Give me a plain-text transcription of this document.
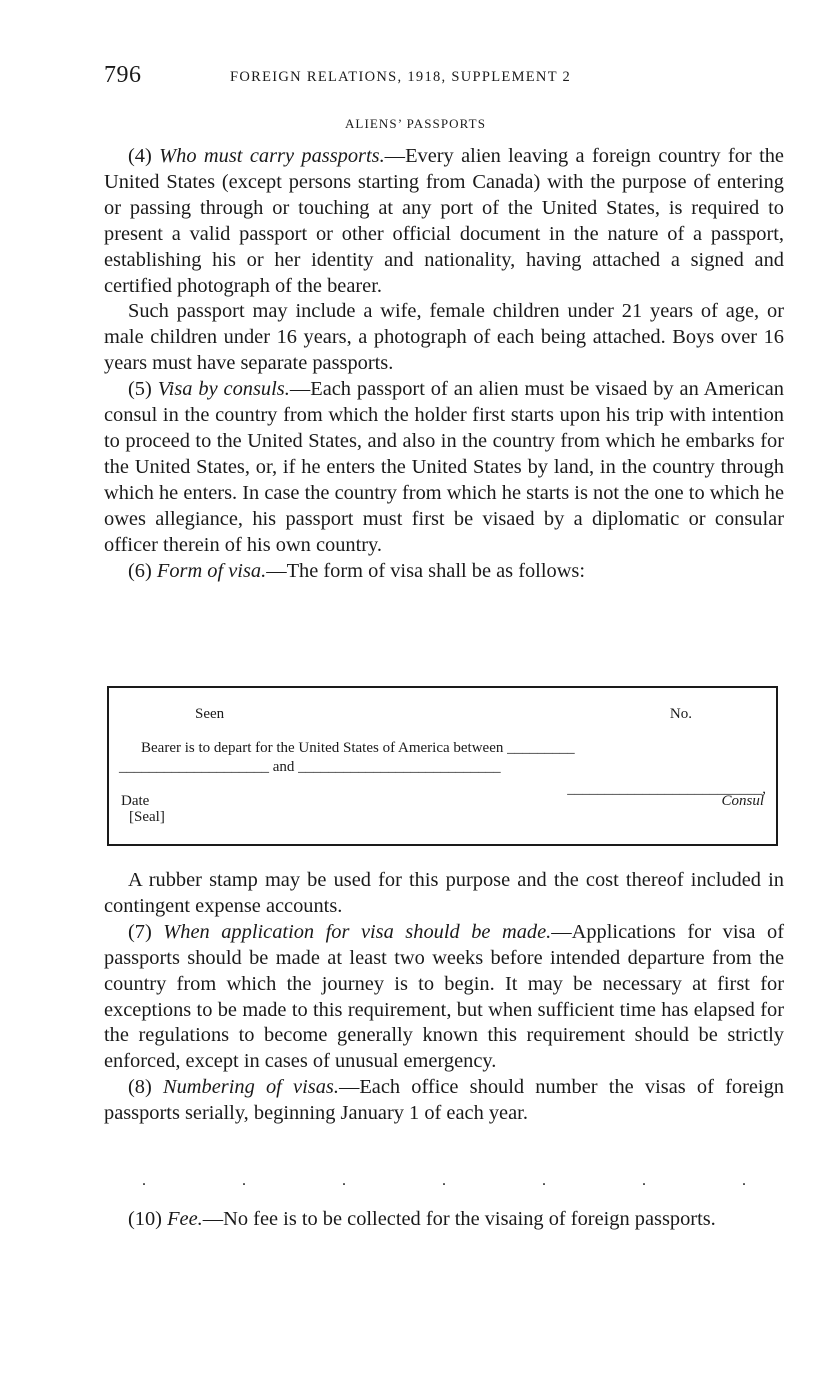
796	FOREIGN RELATIONS, 1918, SUPPLEMENT 2
ALIENS’ PASSPORTS

(4) Who must carry passports.—Every alien leaving a foreign country for the United States (except persons starting from Canada) with the purpose of entering or passing through or touching at any port of the United States, is required to present a valid passport or other official document in the nature of a passport, establishing his or her identity and nationality, having attached a signed and certified photograph of the bearer.

Such passport may include a wife, female children under 21 years of age, or male children under 16 years, a photograph of each being attached. Boys over 16 years must have separate passports.

(5) Visa by consuls.—Each passport of an alien must be visaed by an American consul in the country from which the holder first starts upon his trip with intention to proceed to the United States, and also in the country from which he embarks for the United States, or, if he enters the United States by land, in the country through which he enters. In case the country from which he starts is not the one to which he owes allegiance, his passport must first be visaed by a diplomatic or consular officer therein of his own country.

(6) Form of visa.—The form of visa shall be as follows:

Seen	No.
Bearer is to depart for the United States of America between _________
____________________ and ___________________________
__________________________,
Date	Consul
[Seal]

A rubber stamp may be used for this purpose and the cost thereof included in contingent expense accounts.

(7) When application for visa should be made.—Applications for visa of passports should be made at least two weeks before intended departure from the country from which the journey is to begin. It may be necessary at first for exceptions to be made to this requirement, but when sufficient time has elapsed for the regulations to become generally known this requirement should be strictly enforced, except in cases of unusual emergency.

(8) Numbering of visas.—Each office should number the visas of foreign passports serially, beginning January 1 of each year.

.	.	.	.	.	.	.

(10) Fee.—No fee is to be collected for the visaing of foreign passports.
